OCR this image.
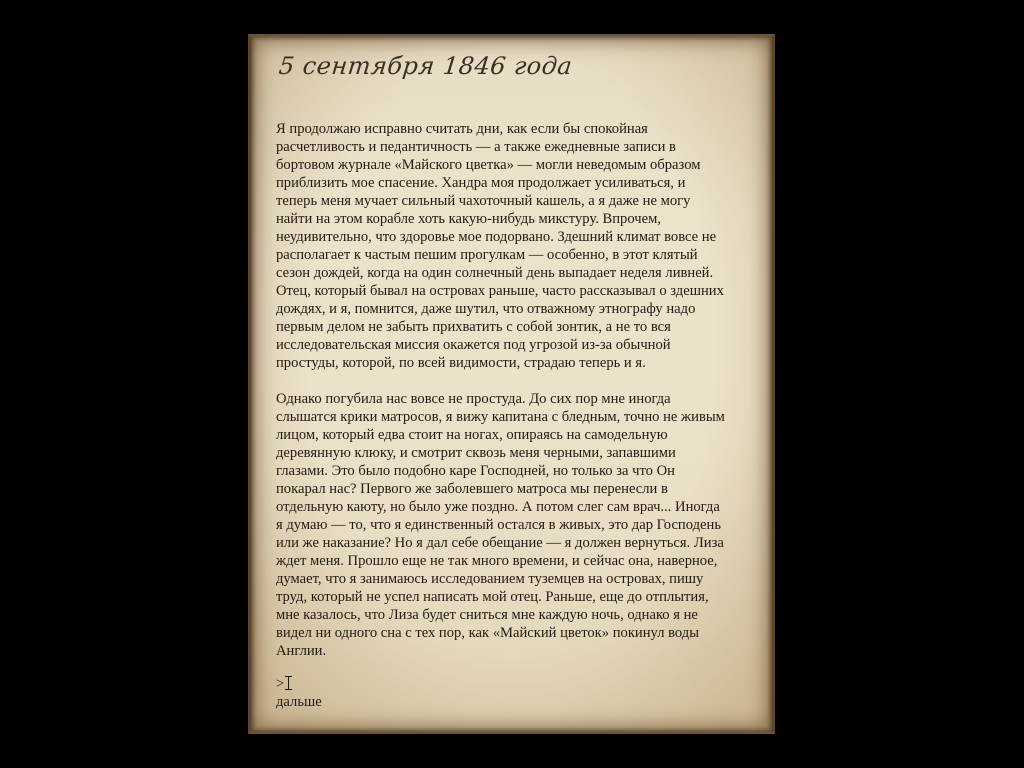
5 сентября 1846 года

Я продолжаю исправно считать дни, как если бы спокойная
расчетливость и педантичность — а также ежедневные записи в
бортовом журнале «Майского цветка» — могли неведомым образом
приблизить мое спасение. Хандра моя продолжает усиливаться, и
теперь меня мучает сильный чахоточный кашель, а я даже не могу
найти на этом корабле хоть какую-нибудь микстуру. Впрочем,
неудивительно, что здоровье мое подорвано. Здешний климат вовсе не
располагает к частым пешим прогулкам — особенно, в этот клятый
сезон дождей, когда на один солнечный день выпадает неделя ливней.
Отец, который бывал на островах раньше, часто рассказывал о здешних
дождях, и я, помнится, даже шутил, что отважному этнографу надо
первым делом не забыть прихватить с собой зонтик, а не то вся
исследовательская миссия окажется под угрозой из-за обычной
простуды, которой, по всей видимости, страдаю теперь и я.

Однако погубила нас вовсе не простуда. До сих пор мне иногда
слышатся крики матросов, я вижу капитана с бледным, точно не живым
лицом, который едва стоит на ногах, опираясь на самодельную
деревянную клюку, и смотрит сквозь меня черными, запавшими
глазами. Это было подобно каре Господней, но только за что Он
покарал нас? Первого же заболевшего матроса мы перенесли в
отдельную каюту, но было уже поздно. А потом слег сам врач... Иногда
я думаю — то, что я единственный остался в живых, это дар Господень
или же наказание? Но я дал себе обещание — я должен вернуться. Лиза
ждет меня. Прошло еще не так много времени, и сейчас она, наверное,
думает, что я занимаюсь исследованием туземцев на островах, пишу
труд, который не успел написать мой отец. Раньше, еще до отплытия,
мне казалось, что Лиза будет сниться мне каждую ночь, однако я не
видел ни одного сна с тех пор, как «Майский цветок» покинул воды
Англии.

>
дальше
